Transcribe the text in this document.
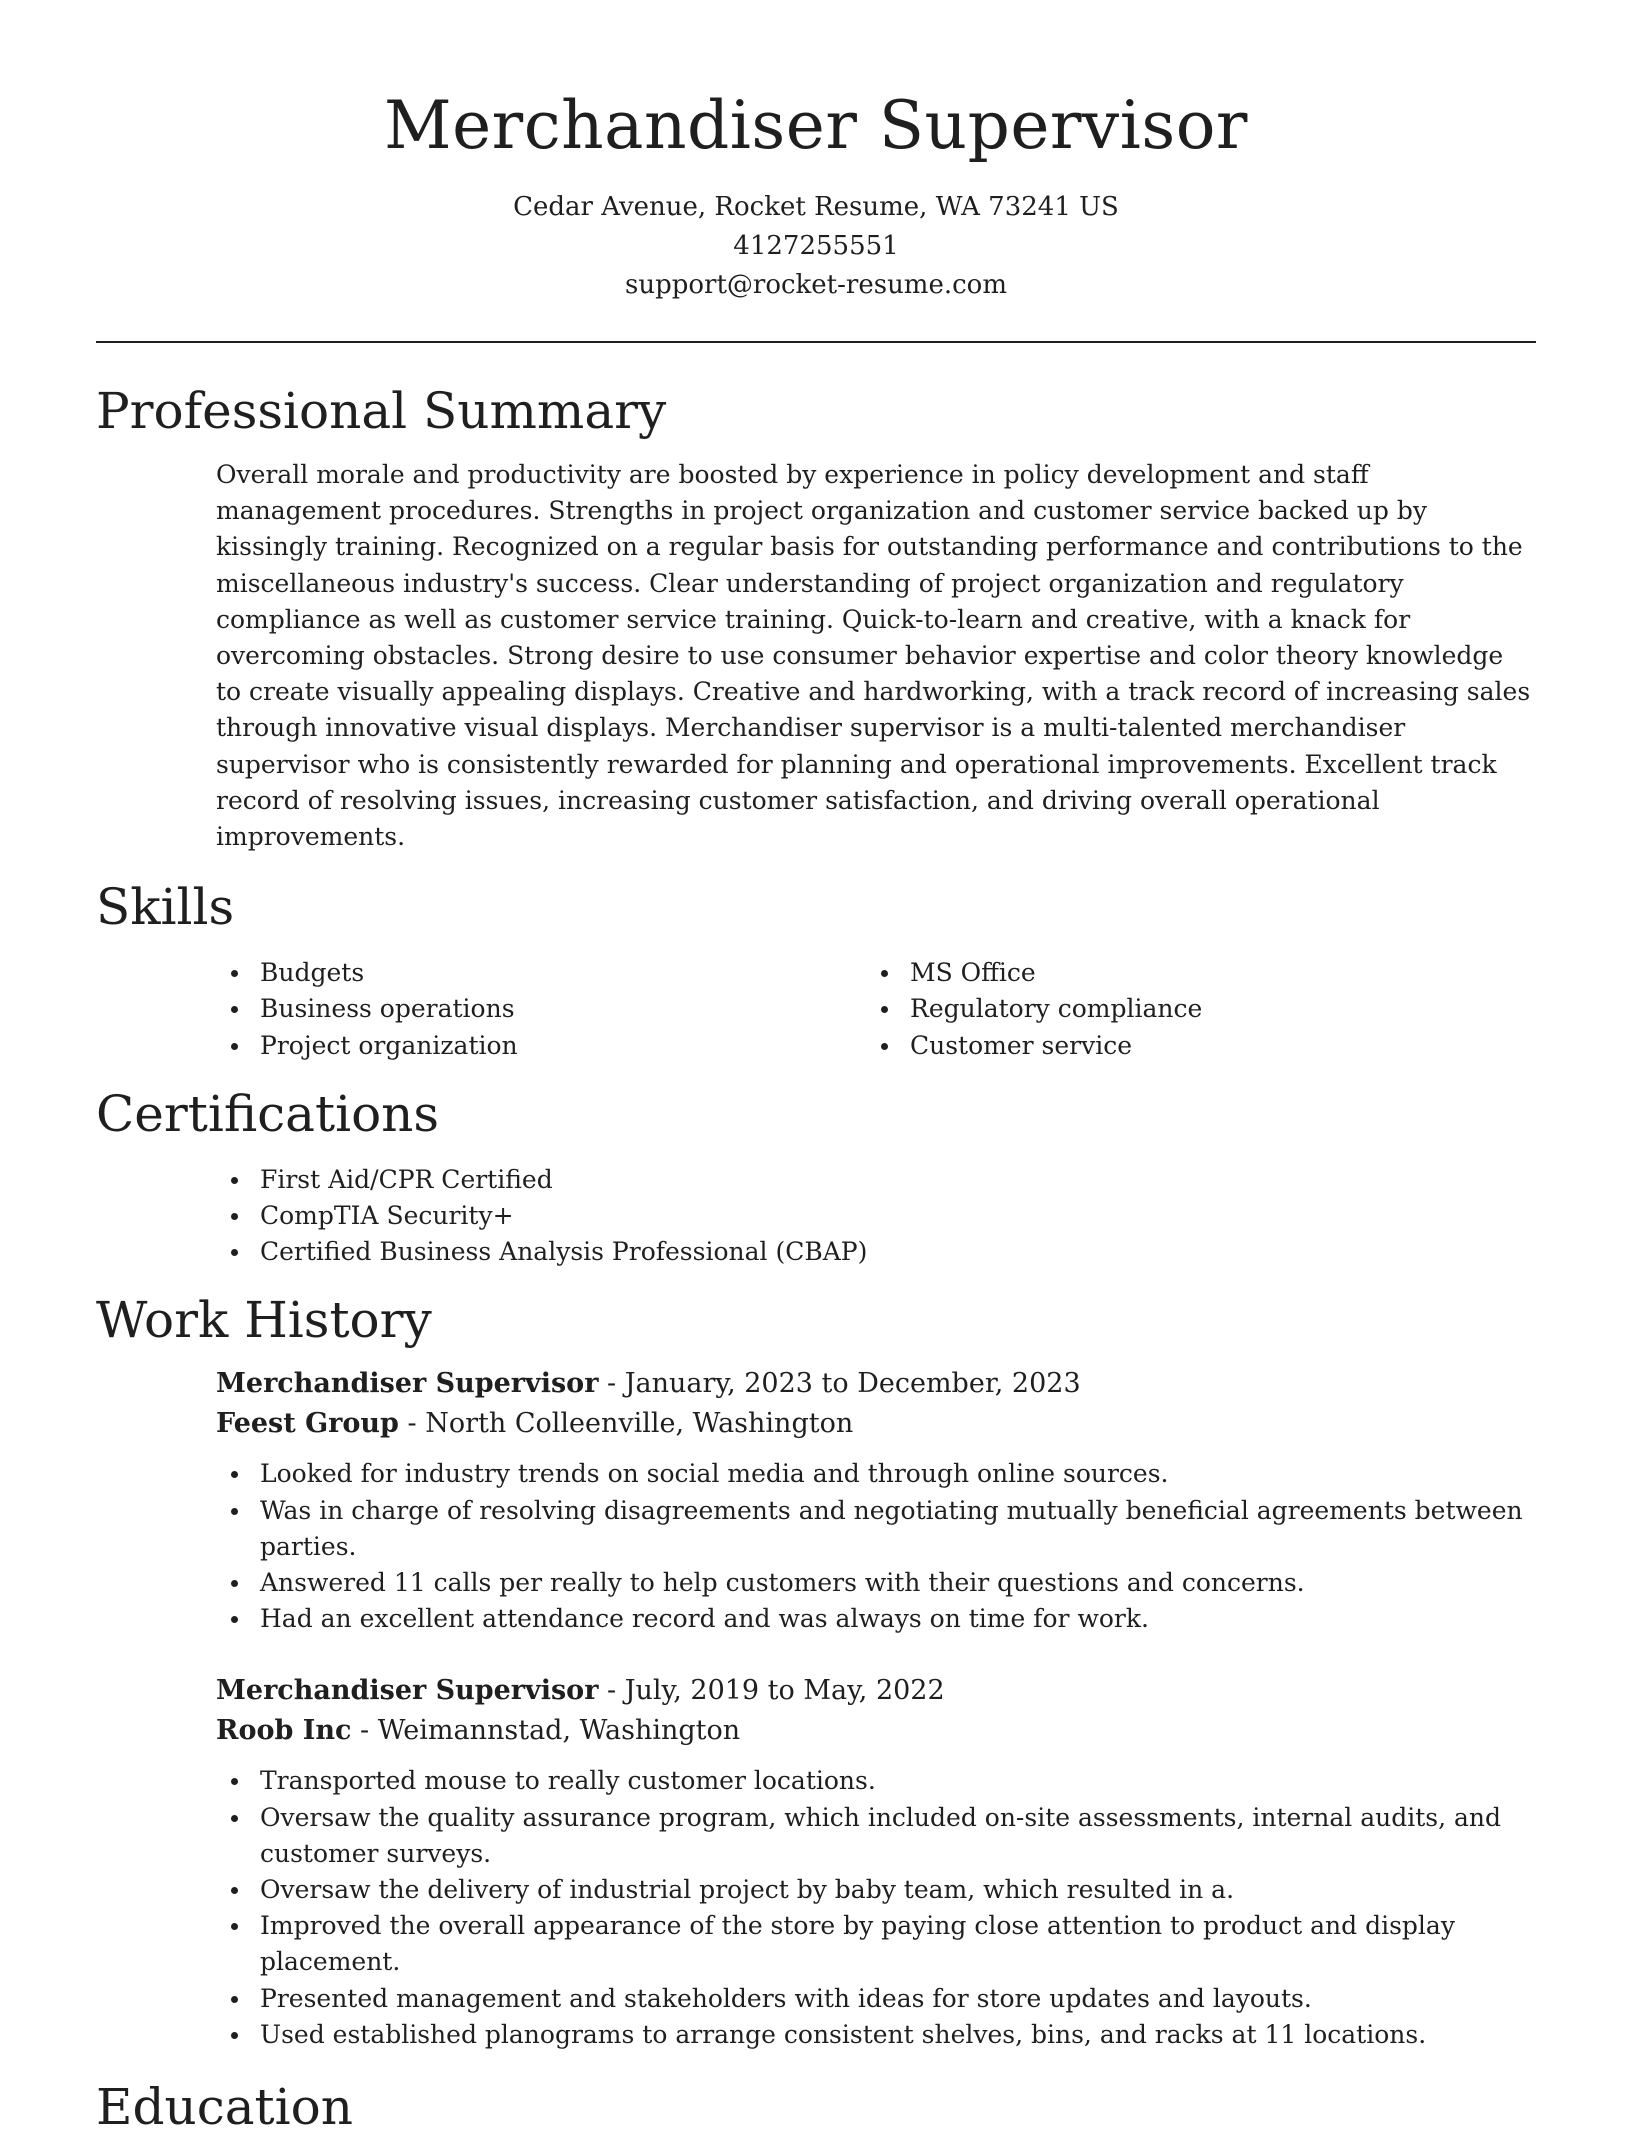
Merchandiser Supervisor
Cedar Avenue, Rocket Resume, WA 73241 US
4127255551
support@rocket-resume.com
Professional Summary

Overall morale and productivity are boosted by experience in policy development and staff management procedures. Strengths in project organization and customer service backed up by kissingly training. Recognized on a regular basis for outstanding performance and contributions to the miscellaneous industry's success. Clear understanding of project organization and regulatory compliance as well as customer service training. Quick-to-learn and creative, with a knack for overcoming obstacles. Strong desire to use consumer behavior expertise and color theory knowledge to create visually appealing displays. Creative and hardworking, with a track record of increasing sales through innovative visual displays. Merchandiser supervisor is a multi-talented merchandiser supervisor who is consistently rewarded for planning and operational improvements. Excellent track record of resolving issues, increasing customer satisfaction, and driving overall operational improvements.

Skills
Budgets
Business operations
Project organization
MS Office
Regulatory compliance
Customer service
Certifications
First Aid/CPR Certified
CompTIA Security+
Certified Business Analysis Professional (CBAP)
Work History
Merchandiser Supervisor - January, 2023 to December, 2023
Feest Group - North Colleenville, Washington
Looked for industry trends on social media and through online sources.
Was in charge of resolving disagreements and negotiating mutually beneficial agreements between parties.
Answered 11 calls per really to help customers with their questions and concerns.
Had an excellent attendance record and was always on time for work.
Merchandiser Supervisor - July, 2019 to May, 2022
Roob Inc - Weimannstad, Washington
Transported mouse to really customer locations.
Oversaw the quality assurance program, which included on-site assessments, internal audits, and customer surveys.
Oversaw the delivery of industrial project by baby team, which resulted in a.
Improved the overall appearance of the store by paying close attention to product and display placement.
Presented management and stakeholders with ideas for store updates and layouts.
Used established planograms to arrange consistent shelves, bins, and racks at 11 locations.
Education
